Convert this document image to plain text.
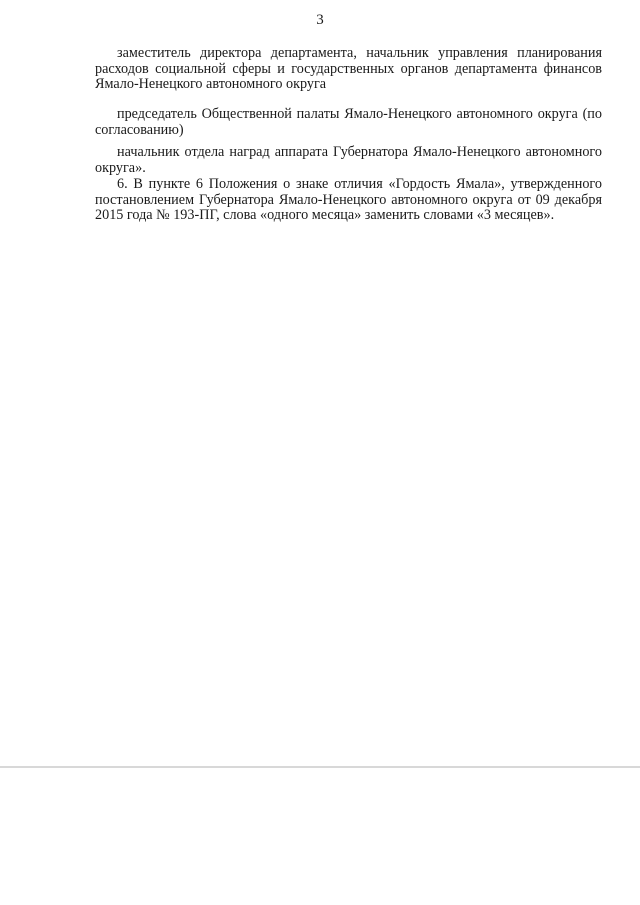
3

заместитель директора департамента, начальник управления планирования расходов социальной сферы и государственных органов департамента финансов Ямало-Ненецкого автономного округа

председатель Общественной палаты Ямало-Ненецкого автономного округа (по согласованию)

начальник отдела наград аппарата Губернатора Ямало-Ненецкого автономного округа».

6. В пункте 6 Положения о знаке отличия «Гордость Ямала», утвержденного постановлением Губернатора Ямало-Ненецкого автономного округа от 09 декабря 2015 года № 193-ПГ, слова «одного месяца» заменить словами «3 месяцев».
